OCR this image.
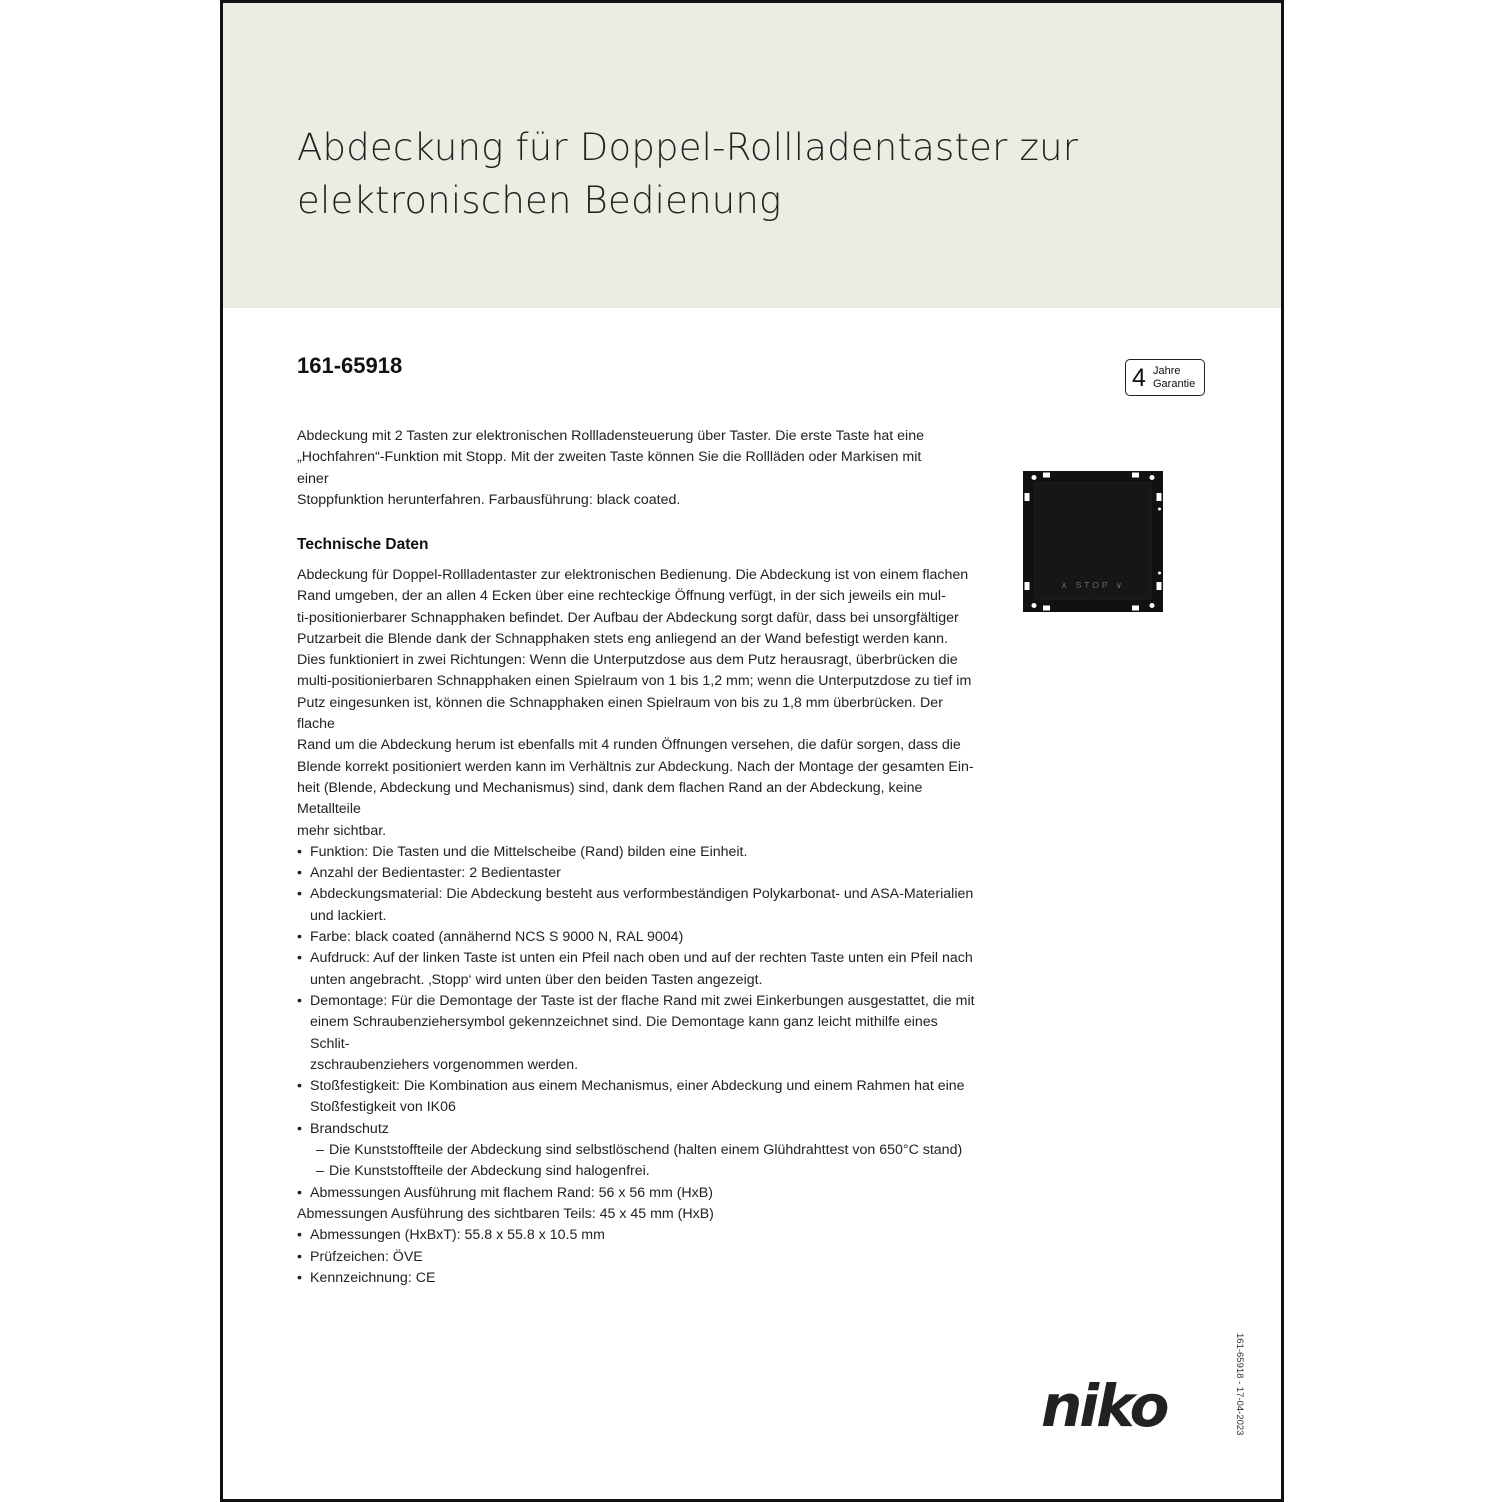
Abdeckung für Doppel-Rollladentaster zur
elektronischen Bedienung
161-65918	4 Jahre
Garantie

Abdeckung mit 2 Tasten zur elektronischen Rollladensteuerung über Taster. Die erste Taste hat eine
„Hochfahren“-Funktion mit Stopp. Mit der zweiten Taste können Sie die Rollläden oder Markisen mit einer
Stoppfunktion herunterfahren. Farbausführung: black coated.

∧ STOP ∨
Technische Daten

Abdeckung für Doppel-Rollladentaster zur elektronischen Bedienung. Die Abdeckung ist von einem flachen
Rand umgeben, der an allen 4 Ecken über eine rechteckige Öffnung verfügt, in der sich jeweils ein mul-
ti-positionierbarer Schnapphaken befindet. Der Aufbau der Abdeckung sorgt dafür, dass bei unsorgfältiger
Putzarbeit die Blende dank der Schnapphaken stets eng anliegend an der Wand befestigt werden kann.
Dies funktioniert in zwei Richtungen: Wenn die Unterputzdose aus dem Putz herausragt, überbrücken die
multi-positionierbaren Schnapphaken einen Spielraum von 1 bis 1,2 mm; wenn die Unterputzdose zu tief im
Putz eingesunken ist, können die Schnapphaken einen Spielraum von bis zu 1,8 mm überbrücken. Der flache
Rand um die Abdeckung herum ist ebenfalls mit 4 runden Öffnungen versehen, die dafür sorgen, dass die
Blende korrekt positioniert werden kann im Verhältnis zur Abdeckung. Nach der Montage der gesamten Ein-
heit (Blende, Abdeckung und Mechanismus) sind, dank dem flachen Rand an der Abdeckung, keine Metallteile
mehr sichtbar.

• Funktion: Die Tasten und die Mittelscheibe (Rand) bilden eine Einheit.
• Anzahl der Bedientaster: 2 Bedientaster
• Abdeckungsmaterial: Die Abdeckung besteht aus verformbeständigen Polykarbonat- und ASA-Materialien
und lackiert.
• Farbe: black coated (annähernd NCS S 9000 N, RAL 9004)
• Aufdruck: Auf der linken Taste ist unten ein Pfeil nach oben und auf der rechten Taste unten ein Pfeil nach
unten angebracht. ‚Stopp‘ wird unten über den beiden Tasten angezeigt.
• Demontage: Für die Demontage der Taste ist der flache Rand mit zwei Einkerbungen ausgestattet, die mit
einem Schraubenziehersymbol gekennzeichnet sind. Die Demontage kann ganz leicht mithilfe eines Schlit-
zschraubenziehers vorgenommen werden.
• Stoßfestigkeit: Die Kombination aus einem Mechanismus, einer Abdeckung und einem Rahmen hat eine
Stoßfestigkeit von IK06
• Brandschutz
– Die Kunststoffteile der Abdeckung sind selbstlöschend (halten einem Glühdrahttest von 650°C stand)
– Die Kunststoffteile der Abdeckung sind halogenfrei.
• Abmessungen Ausführung mit flachem Rand: 56 x 56 mm (HxB)
Abmessungen Ausführung des sichtbaren Teils: 45 x 45 mm (HxB)
• Abmessungen (HxBxT): 55.8 x 55.8 x 10.5 mm
• Prüfzeichen: ÖVE
• Kennzeichnung: CE
161-65918 - 17-04-2023
niko
